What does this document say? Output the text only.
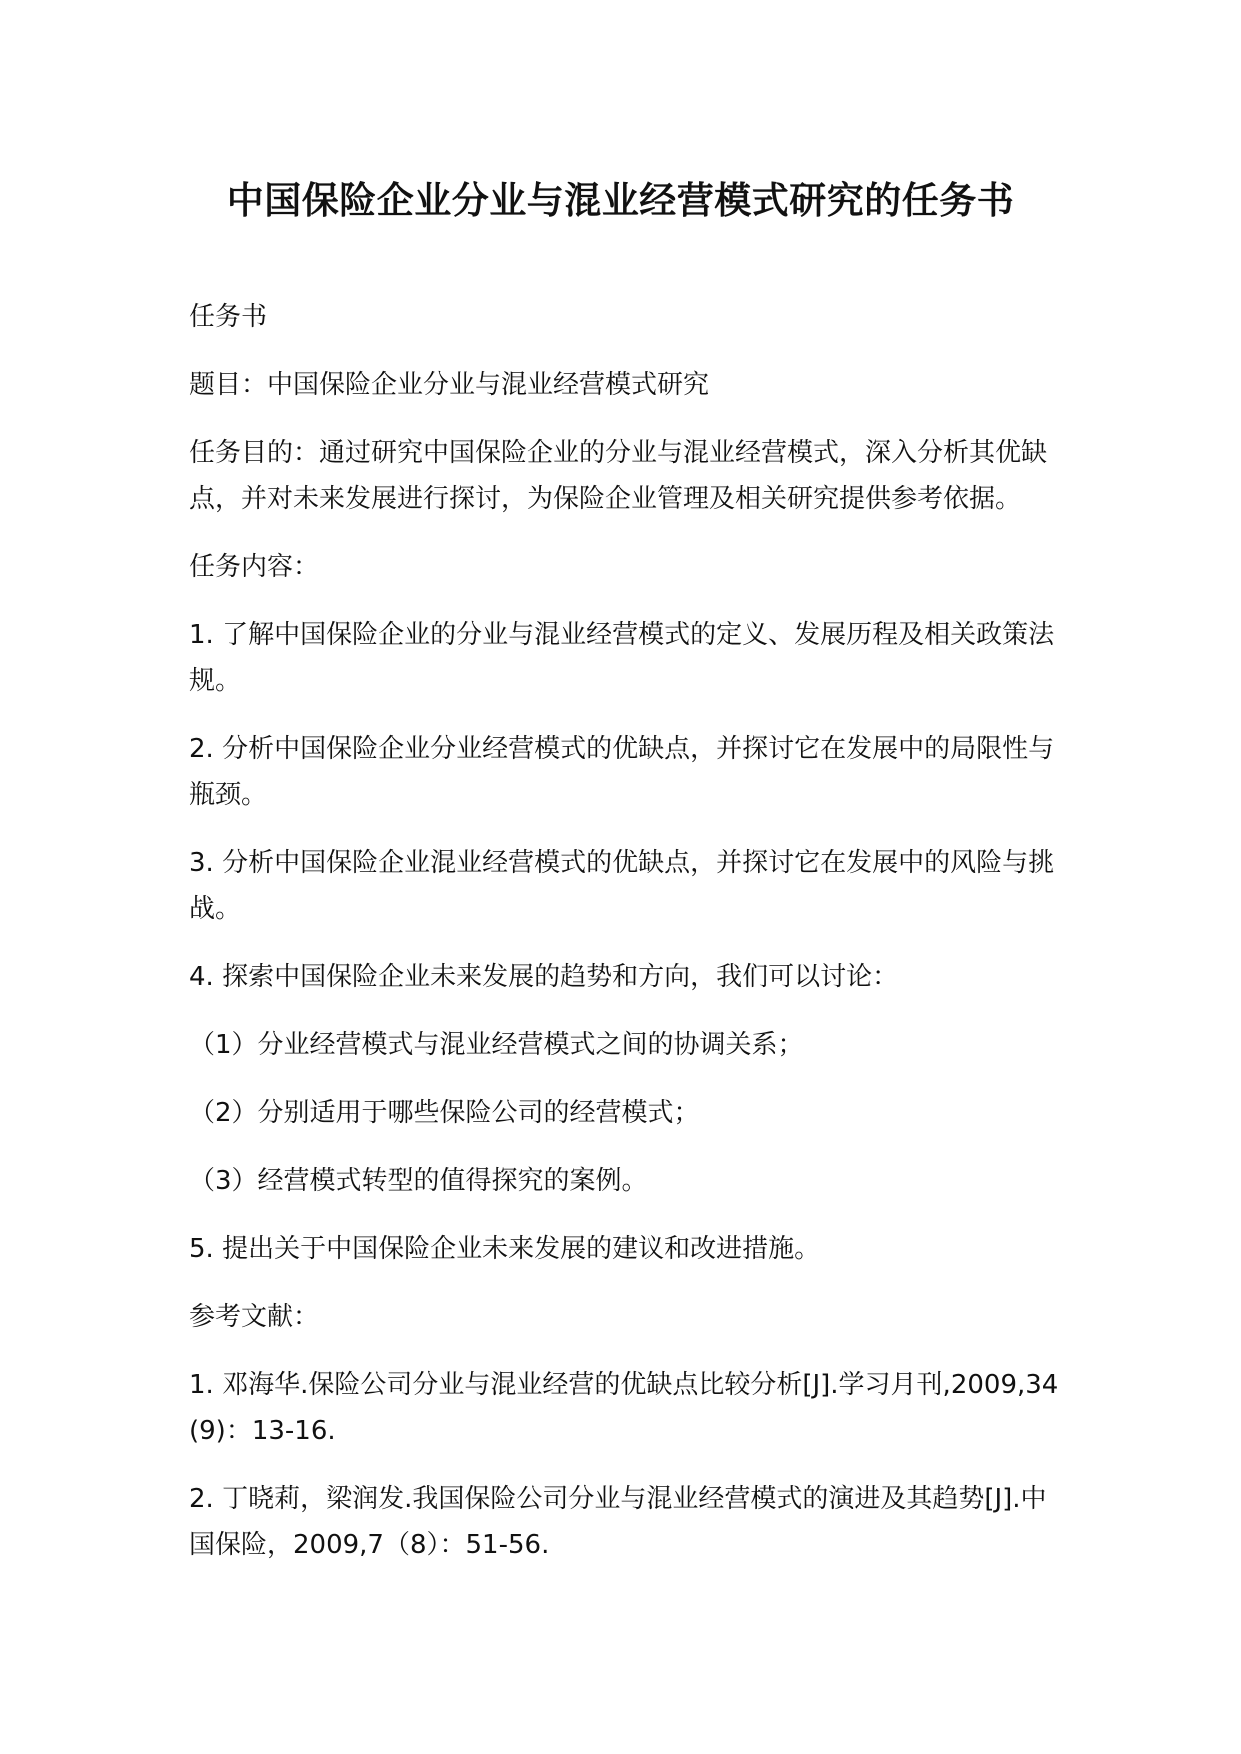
中国保险企业分业与混业经营模式研究的任务书

任务书

题目：中国保险企业分业与混业经营模式研究

任务目的：通过研究中国保险企业的分业与混业经营模式，深入分析其优缺点，并对未来发展进行探讨，为保险企业管理及相关研究提供参考依据。

任务内容：

1. 了解中国保险企业的分业与混业经营模式的定义、发展历程及相关政策法规。

2. 分析中国保险企业分业经营模式的优缺点，并探讨它在发展中的局限性与瓶颈。

3. 分析中国保险企业混业经营模式的优缺点，并探讨它在发展中的风险与挑战。

4. 探索中国保险企业未来发展的趋势和方向，我们可以讨论：

（1）分业经营模式与混业经营模式之间的协调关系；

（2）分别适用于哪些保险公司的经营模式；

（3）经营模式转型的值得探究的案例。

5. 提出关于中国保险企业未来发展的建议和改进措施。

参考文献：

1. 邓海华.保险公司分业与混业经营的优缺点比较分析[J].学习月刊,2009,34(9)：13-16.

2. 丁晓莉，梁润发.我国保险公司分业与混业经营模式的演进及其趋势[J].中国保险，2009,7（8）：51-56.
